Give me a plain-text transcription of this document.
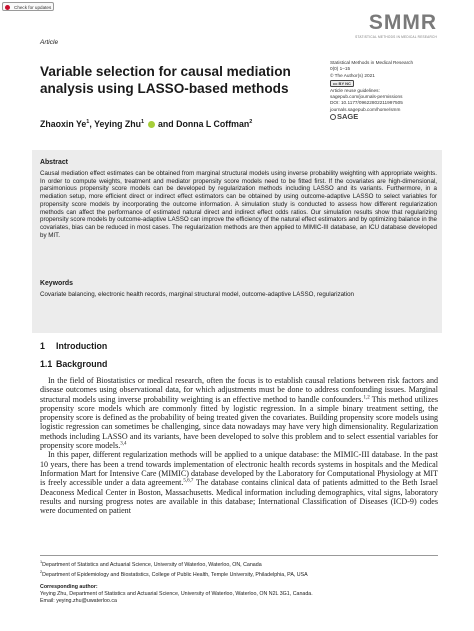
Check for updates
Article
SMMR
STATISTICAL METHODS IN MEDICAL RESEARCH
Variable selection for causal mediation analysis using LASSO-based methods
Zhaoxin Ye$^1$, Yeying Zhu$^1$  and Donna L Coffman$^2$
Statistical Methods in Medical Research
0(0) 1–15
© The Author(s) 2021
cc BY NC
Article reuse guidelines:
sagepub.com/journals-permissions
DOI: 10.1177/09622802211997505
journals.sagepub.com/home/smm
SAGE
Abstract
Causal mediation effect estimates can be obtained from marginal structural models using inverse probability weighting with appropriate weights. In order to compute weights, treatment and mediator propensity score models need to be fitted first. If the covariates are high-dimensional, parsimonious propensity score models can be developed by regularization methods including LASSO and its variants. Furthermore, in a mediation setup, more efficient direct or indirect effect estimators can be obtained by using outcome-adaptive LASSO to select variables for propensity score models by incorporating the outcome information. A simulation study is conducted to assess how different regularization methods can affect the performance of estimated natural direct and indirect effect odds ratios. Our simulation results show that regularizing propensity score models by outcome-adaptive LASSO can improve the efficiency of the natural effect estimators and by optimizing balance in the covariates, bias can be reduced in most cases. The regularization methods are then applied to MIMIC-III database, an ICU database developed by MIT.
Keywords
Covariate balancing, electronic health records, marginal structural model, outcome-adaptive LASSO, regularization
1 Introduction
1.1 Background

In the field of Biostatistics or medical research, often the focus is to establish causal relations between risk factors and disease outcomes using observational data, for which adjustments must be done to address confounding issues. Marginal structural models using inverse probability weighting is an effective method to handle confounders.$^{1,2}$ This method utilizes propensity score models which are commonly fitted by logistic regression. In a simple binary treatment setting, the propensity score is defined as the probability of being treated given the covariates. Building propensity score models using logistic regression can sometimes be challenging, since data nowadays may have very high dimensionality. Regularization methods including LASSO and its variants, have been developed to solve this problem and to select essential variables for propensity score models.$^{3,4}$

In this paper, different regularization methods will be applied to a unique database: the MIMIC-III database. In the past 10 years, there has been a trend towards implementation of electronic health records systems in hospitals and the Medical Information Mart for Intensive Care (MIMIC) database developed by the Laboratory for Computational Physiology at MIT is freely accessible under a data agreement.$^{5,6,7}$ The database contains clinical data of patients admitted to the Beth Israel Deaconess Medical Center in Boston, Massachusetts. Medical information including demographics, vital signs, laboratory results and nursing progress notes are available in this database; International Classification of Diseases (ICD-9) codes were documented on patient

$^1$Department of Statistics and Actuarial Science, University of Waterloo, Waterloo, ON, Canada
$^2$Department of Epidemiology and Biostatistics, College of Public Health, Temple University, Philadelphia, PA, USA
Corresponding author:
Yeying Zhu, Department of Statistics and Actuarial Science, University of Waterloo, Waterloo, ON N2L 3G1, Canada.
Email: yeying.zhu@uwaterloo.ca
